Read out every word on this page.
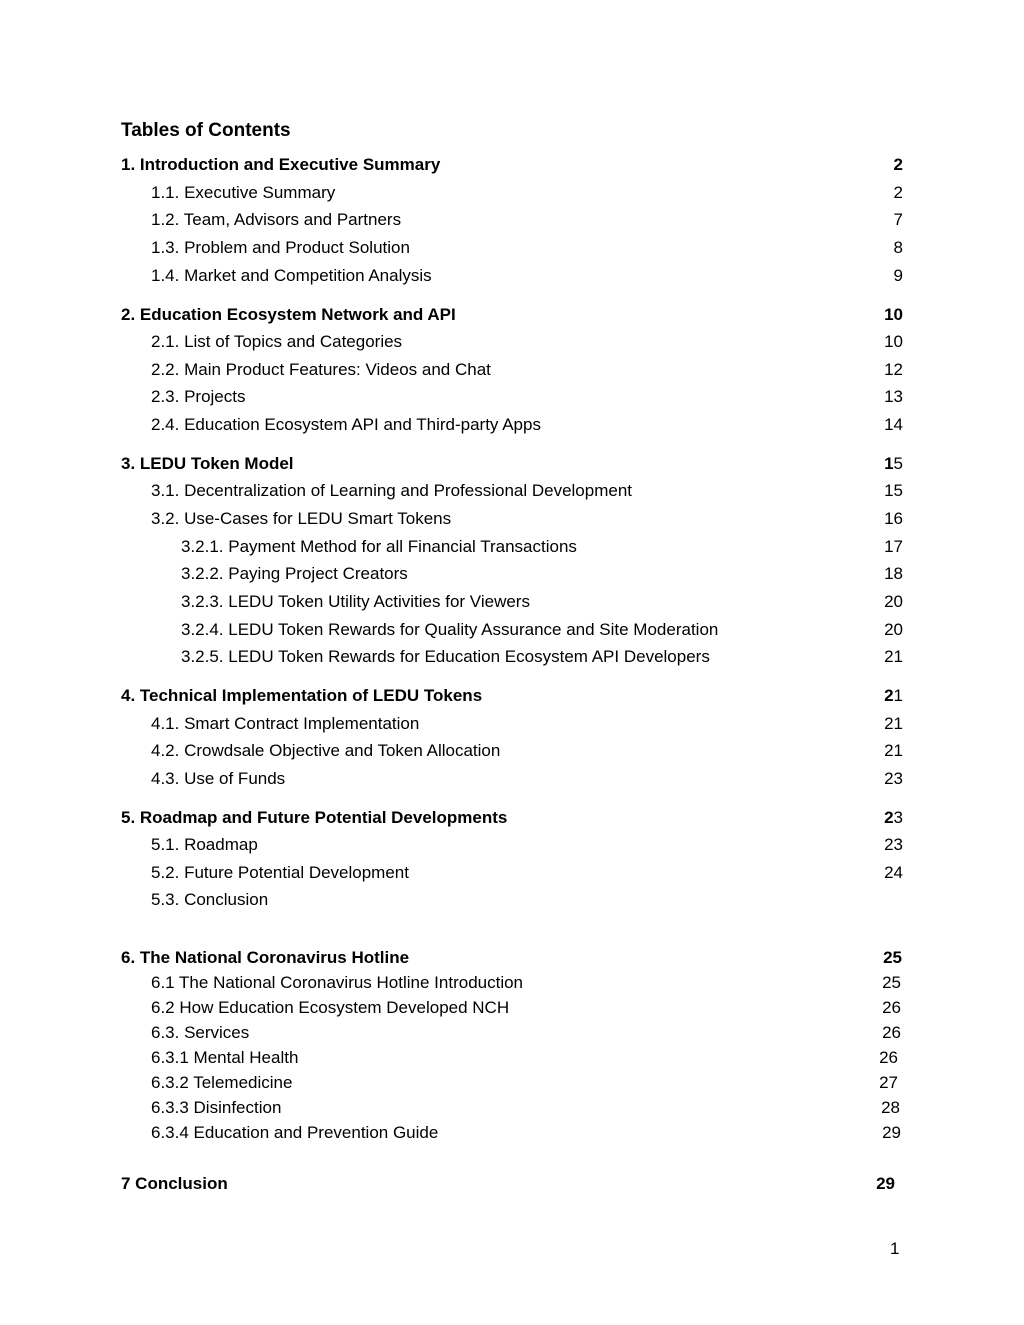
Tables of Contents
1. Introduction and Executive Summary	2
1.1. Executive Summary	2
1.2. Team, Advisors and Partners	7
1.3. Problem and Product Solution	8
1.4. Market and Competition Analysis	9
2. Education Ecosystem Network and API	10
2.1. List of Topics and Categories	10
2.2. Main Product Features: Videos and Chat	12
2.3. Projects	13
2.4. Education Ecosystem API and Third-party Apps	14
3. LEDU Token Model	15
3.1. Decentralization of Learning and Professional Development	15
3.2. Use-Cases for LEDU Smart Tokens	16
3.2.1. Payment Method for all Financial Transactions	17
3.2.2. Paying Project Creators	18
3.2.3. LEDU Token Utility Activities for Viewers	20
3.2.4. LEDU Token Rewards for Quality Assurance and Site Moderation	20
3.2.5. LEDU Token Rewards for Education Ecosystem API Developers	21
4. Technical Implementation of LEDU Tokens	21
4.1. Smart Contract Implementation	21
4.2. Crowdsale Objective and Token Allocation	21
4.3. Use of Funds	23
5. Roadmap and Future Potential Developments	23
5.1. Roadmap	23
5.2. Future Potential Development	24
5.3. Conclusion
6. The National Coronavirus Hotline	25
6.1 The National Coronavirus Hotline Introduction	25
6.2 How Education Ecosystem Developed NCH	26
6.3. Services	26
6.3.1 Mental Health	26
6.3.2 Telemedicine	27
6.3.3 Disinfection	28
6.3.4 Education and Prevention Guide	29
7 Conclusion	29
1
